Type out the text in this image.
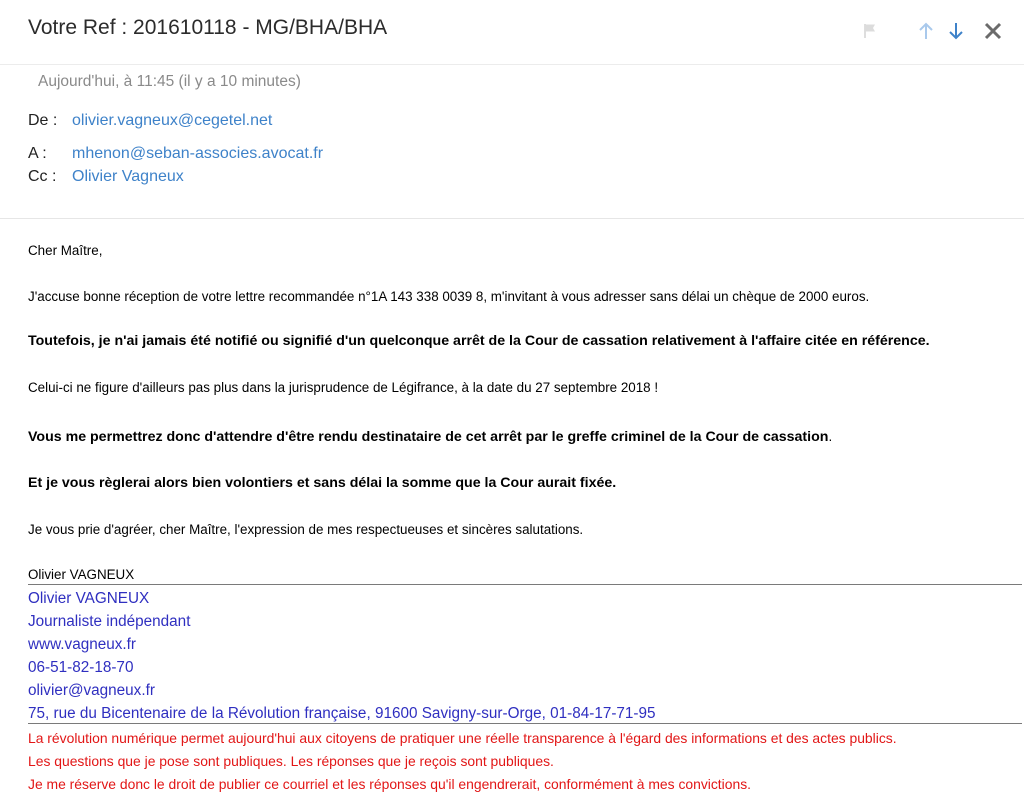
Votre Ref : 201610118 - MG/BHA/BHA
Aujourd'hui, à 11:45 (il y a 10 minutes)
De : olivier.vagneux@cegetel.net
A : mhenon@seban-associes.avocat.fr
Cc : Olivier Vagneux
Cher Maître,
J'accuse bonne réception de votre lettre recommandée n°1A 143 338 0039 8, m'invitant à vous adresser sans délai un chèque de 2000 euros.
Toutefois, je n'ai jamais été notifié ou signifié d'un quelconque arrêt de la Cour de cassation relativement à l'affaire citée en référence.
Celui-ci ne figure d'ailleurs pas plus dans la jurisprudence de Légifrance, à la date du 27 septembre 2018 !
Vous me permettrez donc d'attendre d'être rendu destinataire de cet arrêt par le greffe criminel de la Cour de cassation.
Et je vous règlerai alors bien volontiers et sans délai la somme que la Cour aurait fixée.
Je vous prie d'agréer, cher Maître, l'expression de mes respectueuses et sincères salutations.
Olivier VAGNEUX
Olivier VAGNEUX
Journaliste indépendant
www.vagneux.fr
06-51-82-18-70
olivier@vagneux.fr
75, rue du Bicentenaire de la Révolution française, 91600 Savigny-sur-Orge, 01-84-17-71-95
La révolution numérique permet aujourd'hui aux citoyens de pratiquer une réelle transparence à l'égard des informations et des actes publics.
Les questions que je pose sont publiques. Les réponses que je reçois sont publiques.
Je me réserve donc le droit de publier ce courriel et les réponses qu'il engendrerait, conformément à mes convictions.
